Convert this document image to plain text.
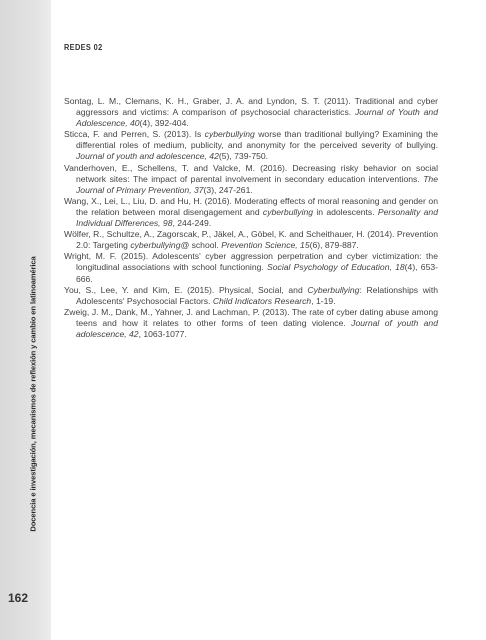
Docencia e investigación, mecanismos de reflexión y cambio en latinoamérica
162
REDES 02

Sontag, L. M., Clemans, K. H., Graber, J. A. and Lyndon, S. T. (2011). Traditional and cyber aggressors and victims: A comparison of psychosocial characteristics. Journal of Youth and Adolescence, 40(4), 392-404.

Sticca, F. and Perren, S. (2013). Is cyberbullying worse than traditional bullying? Examining the differential roles of medium, publicity, and anonymity for the perceived severity of bullying. Journal of youth and adolescence, 42(5), 739-750.

Vanderhoven, E., Schellens, T. and Valcke, M. (2016). Decreasing risky behavior on social network sites: The impact of parental involvement in secondary education interventions. The Journal of Primary Prevention, 37(3), 247-261.

Wang, X., Lei, L., Liu, D. and Hu, H. (2016). Moderating effects of moral reasoning and gender on the relation between moral disengagement and cyberbullying in adolescents. Personality and Individual Differences, 98, 244-249.

Wölfer, R., Schultze, A., Zagorscak, P., Jäkel, A., Göbel, K. and Scheithauer, H. (2014). Prevention 2.0: Targeting cyberbullying@ school. Prevention Science, 15(6), 879-887.

Wright, M. F. (2015). Adolescents' cyber aggression perpetration and cyber victimization: the longitudinal associations with school functioning. Social Psychology of Education, 18(4), 653-666.

You, S., Lee, Y. and Kim, E. (2015). Physical, Social, and Cyberbullying: Relationships with Adolescents' Psychosocial Factors. Child Indicators Research, 1-19.

Zweig, J. M., Dank, M., Yahner, J. and Lachman, P. (2013). The rate of cyber dating abuse among teens and how it relates to other forms of teen dating violence. Journal of youth and adolescence, 42, 1063-1077.
